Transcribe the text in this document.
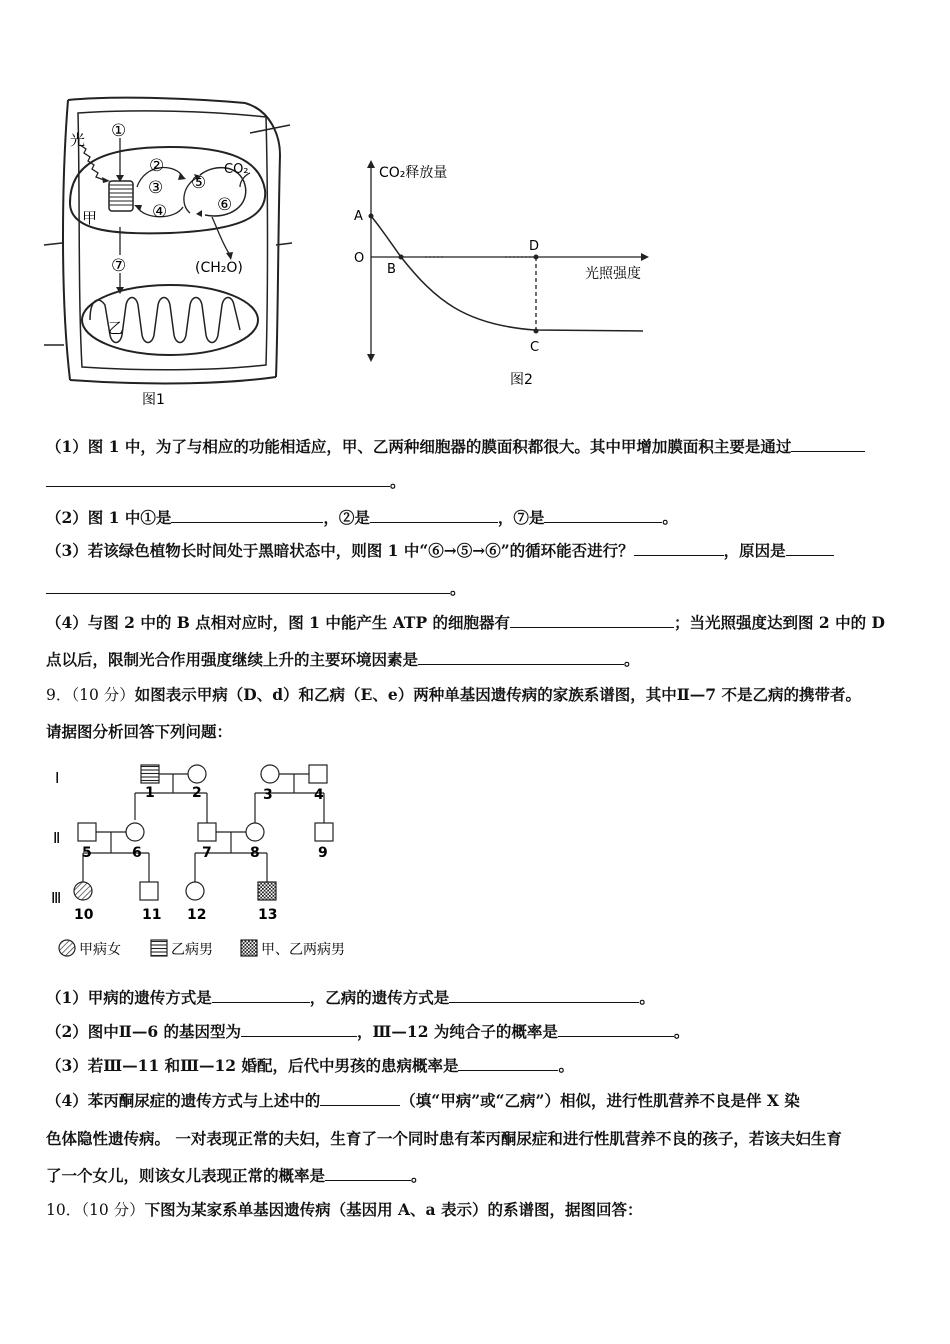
光
CO₂
甲
乙
(CH₂O)
①
②
③
④
⑤
⑥
⑦
图1
CO₂释放量
光照强度
A
O
B
D
C
图2
（1）图 1 中，为了与相应的功能相适应，甲、乙两种细胞器的膜面积都很大。其中甲增加膜面积主要是通过
。
（2）图 1 中①是	，②是	，⑦是	。
（3）若该绿色植物长时间处于黑暗状态中，则图 1 中“⑥→⑤→⑥”的循环能否进行？	，原因是
。
（4）与图 2 中的 B 点相对应时，图 1 中能产生 ATP 的细胞器有	；当光照强度达到图 2 中的 D
点以后，限制光合作用强度继续上升的主要环境因素是	。
9．（10 分）如图表示甲病（D、d）和乙病（E、e）两种单基因遗传病的家族系谱图，其中Ⅱ—7 不是乙病的携带者。
请据图分析回答下列问题：
Ⅰ
Ⅱ
Ⅲ
1	2	3	4
5	6	7	8	9
10	11 12	13
甲病女	乙病男	甲、乙两病男
（1）甲病的遗传方式是	，乙病的遗传方式是	。
（2）图中Ⅱ—6 的基因型为	，Ⅲ—12 为纯合子的概率是	。
（3）若Ⅲ—11 和Ⅲ—12 婚配，后代中男孩的患病概率是	。
（4）苯丙酮尿症的遗传方式与上述中的	（填“甲病”或“乙病”）相似，进行性肌营养不良是伴 X 染
色体隐性遗传病。 一对表现正常的夫妇，生育了一个同时患有苯丙酮尿症和进行性肌营养不良的孩子，若该夫妇生育
了一个女儿，则该女儿表现正常的概率是	。
10．（10 分）下图为某家系单基因遗传病（基因用 A、a 表示）的系谱图，据图回答：
